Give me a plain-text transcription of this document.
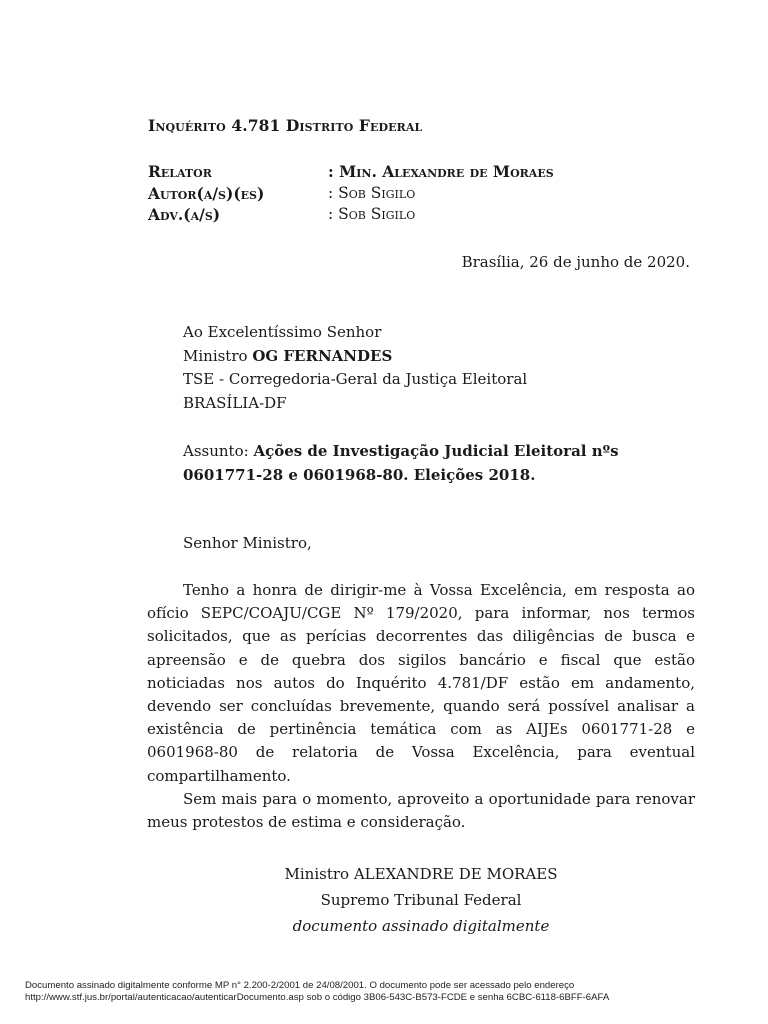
Inquérito 4.781 Distrito Federal
Relator	: Min. Alexandre de Moraes
Autor(a/s)(es)	: Sob Sigilo
Adv.(a/s)	: Sob Sigilo
Brasília, 26 de junho de 2020.
Ao Excelentíssimo Senhor
Ministro OG FERNANDES
TSE - Corregedoria-Geral da Justiça Eleitoral
BRASÍLIA-DF
Assunto: Ações de Investigação Judicial Eleitoral nºs 0601771-28 e 0601968-80. Eleições 2018.
Senhor Ministro,

Tenho a honra de dirigir-me à Vossa Excelência, em resposta ao ofício SEPC/COAJU/CGE Nº 179/2020, para informar, nos termos solicitados, que as perícias decorrentes das diligências de busca e apreensão e de quebra dos sigilos bancário e fiscal que estão noticiadas nos autos do Inquérito 4.781/DF estão em andamento, devendo ser concluídas brevemente, quando será possível analisar a existência de pertinência temática com as AIJEs 0601771-28 e 0601968-80 de relatoria de Vossa Excelência, para eventual compartilhamento.

Sem mais para o momento, aproveito a oportunidade para renovar meus protestos de estima e consideração.

Ministro ALEXANDRE DE MORAES
Supremo Tribunal Federal
documento assinado digitalmente
Documento assinado digitalmente conforme MP n° 2.200-2/2001 de 24/08/2001. O documento pode ser acessado pelo endereço
http://www.stf.jus.br/portal/autenticacao/autenticarDocumento.asp sob o código 3B06-543C-B573-FCDE e senha 6CBC-6118-6BFF-6AFA
